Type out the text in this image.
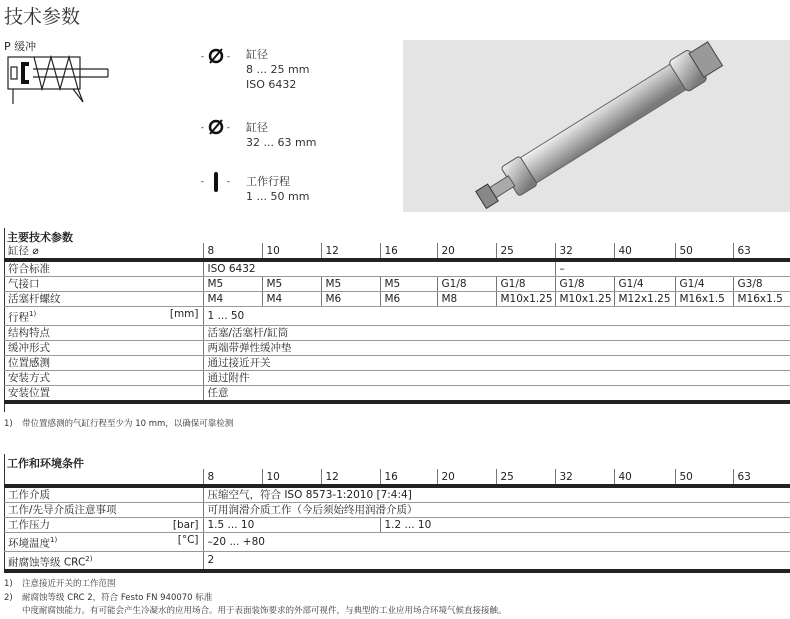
技术参数
P 缓冲
-	- 缸径
8 ... 25 mm
ISO 6432
-	- 缸径
32 ... 63 mm
-	- 工作行程
1 ... 50 mm
主要技术参数
缸径 ⌀	8	10	12	16	20	25	32	40	50	63
符合标准	ISO 6432						–			
气接口	M5	M5	M5	M5	G1/8	G1/8	G1/8	G1/4	G1/4	G3/8
活塞杆螺纹	M4	M4	M6	M6	M8	M10x1.25	M10x1.25	M12x1.25	M16x1.5	M16x1.5
行程$^{1)}$ [mm]	1 ... 50									
结构特点	活塞/活塞杆/缸筒									
缓冲形式	两端带弹性缓冲垫									
位置感测	通过接近开关									
安装方式	通过附件									
安装位置	任意									
1) 带位置感测的气缸行程至少为 10 mm，以确保可靠检测
工作和环境条件
	8	10	12	16	20	25	32	40	50	63
工作介质	压缩空气，符合 ISO 8573-1:2010 [7:4:4]									
工作/先导介质注意事项	可用润滑介质工作（今后须始终用润滑介质）									
工作压力 [bar]	1.5 ... 10			1.2 ... 10						
环境温度$^{1)}$ [°C]	–20 ... +80									
耐腐蚀等级 CRC$^{2)}$	2									
1) 注意接近开关的工作范围
2) 耐腐蚀等级 CRC 2，符合 Festo FN 940070 标准
中度耐腐蚀能力。有可能会产生冷凝水的应用场合。用于表面装饰要求的外部可视件，与典型的工业应用场合环境气候直接接触。
